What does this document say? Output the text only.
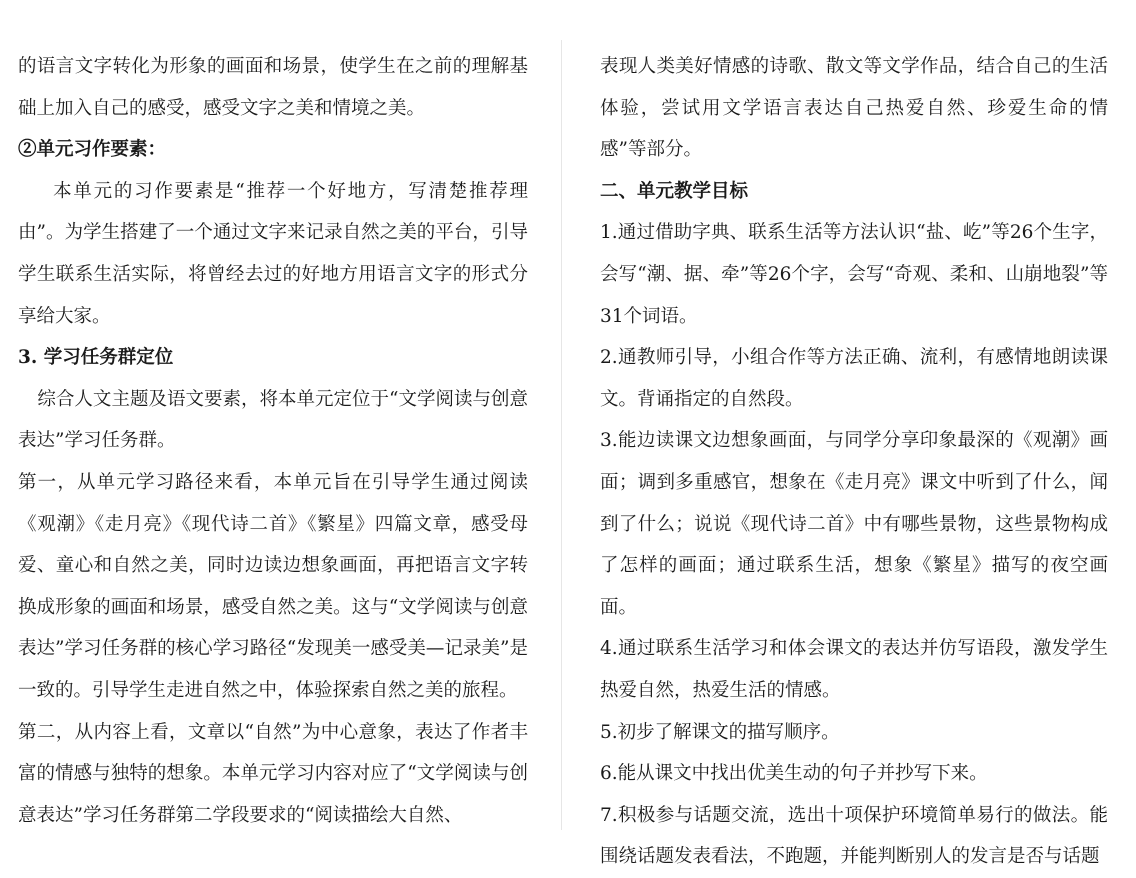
的语言文字转化为形象的画面和场景，使学生在之前的理解基础上加入自己的感受，感受文字之美和情境之美。

②单元习作要素：

本单元的习作要素是“推荐一个好地方，写清楚推荐理由”。为学生搭建了一个通过文字来记录自然之美的平台，引导学生联系生活实际，将曾经去过的好地方用语言文字的形式分享给大家。

3. 学习任务群定位

综合人文主题及语文要素，将本单元定位于“文学阅读与创意表达”学习任务群。

第一，从单元学习路径来看，本单元旨在引导学生通过阅读《观潮》《走月亮》《现代诗二首》《繁星》四篇文章，感受母爱、童心和自然之美，同时边读边想象画面，再把语言文字转换成形象的画面和场景，感受自然之美。这与“文学阅读与创意表达”学习任务群的核心学习路径“发现美一感受美—记录美”是一致的。引导学生走进自然之中，体验探索自然之美的旅程。

第二，从内容上看，文章以“自然”为中心意象，表达了作者丰富的情感与独特的想象。本单元学习内容对应了“文学阅读与创意表达”学习任务群第二学段要求的“阅读描绘大自然、

表现人类美好情感的诗歌、散文等文学作品，结合自己的生活体验，尝试用文学语言表达自己热爱自然、珍爱生命的情感”等部分。

二、单元教学目标

1.通过借助字典、联系生活等方法认识“盐、屹”等26个生字，会写“潮、据、牵”等26个字，会写“奇观、柔和、山崩地裂”等31个词语。

2.通教师引导，小组合作等方法正确、流利，有感情地朗读课文。背诵指定的自然段。

3.能边读课文边想象画面，与同学分享印象最深的《观潮》画面；调到多重感官，想象在《走月亮》课文中听到了什么，闻到了什么；说说《现代诗二首》中有哪些景物，这些景物构成了怎样的画面；通过联系生活，想象《繁星》描写的夜空画面。

4.通过联系生活学习和体会课文的表达并仿写语段，激发学生热爱自然，热爱生活的情感。

5.初步了解课文的描写顺序。

6.能从课文中找出优美生动的句子并抄写下来。

7.积极参与话题交流，选出十项保护环境简单易行的做法。能围绕话题发表看法，不跑题，并能判断别人的发言是否与话题
